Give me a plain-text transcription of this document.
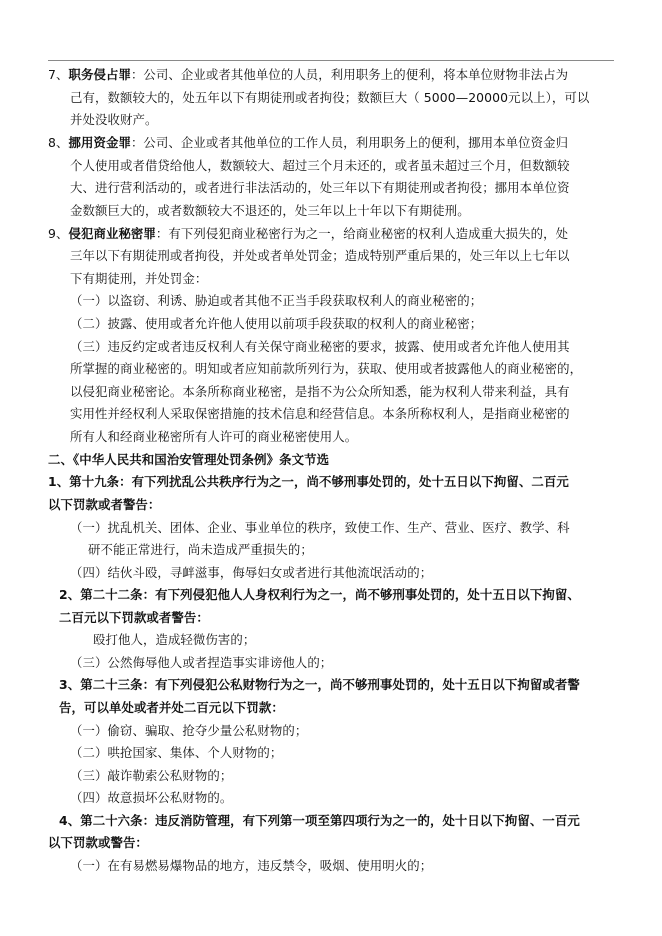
7、职务侵占罪：公司、企业或者其他单位的人员，利用职务上的便利，将本单位财物非法占为
己有，数额较大的，处五年以下有期徒刑或者拘役；数额巨大（ 5000—20000元以上），可以
并处没收财产。
8、挪用资金罪：公司、企业或者其他单位的工作人员，利用职务上的便利，挪用本单位资金归
个人使用或者借贷给他人，数额较大、超过三个月未还的，或者虽未超过三个月，但数额较
大、进行营利活动的，或者进行非法活动的，处三年以下有期徒刑或者拘役；挪用本单位资
金数额巨大的，或者数额较大不退还的，处三年以上十年以下有期徒刑。
9、侵犯商业秘密罪：有下列侵犯商业秘密行为之一，给商业秘密的权利人造成重大损失的，处
三年以下有期徒刑或者拘役，并处或者单处罚金；造成特别严重后果的，处三年以上七年以
下有期徒刑，并处罚金：
（一）以盗窃、利诱、胁迫或者其他不正当手段获取权利人的商业秘密的；
（二）披露、使用或者允许他人使用以前项手段获取的权利人的商业秘密；
（三）违反约定或者违反权利人有关保守商业秘密的要求，披露、使用或者允许他人使用其
所掌握的商业秘密的。明知或者应知前款所列行为，获取、使用或者披露他人的商业秘密的，
以侵犯商业秘密论。本条所称商业秘密，是指不为公众所知悉，能为权利人带来利益，具有
实用性并经权利人采取保密措施的技术信息和经营信息。本条所称权利人，是指商业秘密的
所有人和经商业秘密所有人许可的商业秘密使用人。
二、《中华人民共和国治安管理处罚条例》条文节选
1、第十九条：有下列扰乱公共秩序行为之一，尚不够刑事处罚的，处十五日以下拘留、二百元
以下罚款或者警告：
（一）扰乱机关、团体、企业、事业单位的秩序，致使工作、生产、营业、医疗、教学、科
研不能正常进行，尚未造成严重损失的；
（四）结伙斗殴，寻衅滋事，侮辱妇女或者进行其他流氓活动的；
2、第二十二条：有下列侵犯他人人身权利行为之一，尚不够刑事处罚的，处十五日以下拘留、
二百元以下罚款或者警告：
殴打他人，造成轻微伤害的；
（三）公然侮辱他人或者捏造事实诽谤他人的；
3、第二十三条：有下列侵犯公私财物行为之一，尚不够刑事处罚的，处十五日以下拘留或者警
告，可以单处或者并处二百元以下罚款：
（一）偷窃、骗取、抢夺少量公私财物的；
（二）哄抢国家、集体、个人财物的；
（三）敲诈勒索公私财物的；
（四）故意损坏公私财物的。
4、第二十六条：违反消防管理，有下列第一项至第四项行为之一的，处十日以下拘留、一百元
以下罚款或警告：
（一）在有易燃易爆物品的地方，违反禁令，吸烟、使用明火的；
